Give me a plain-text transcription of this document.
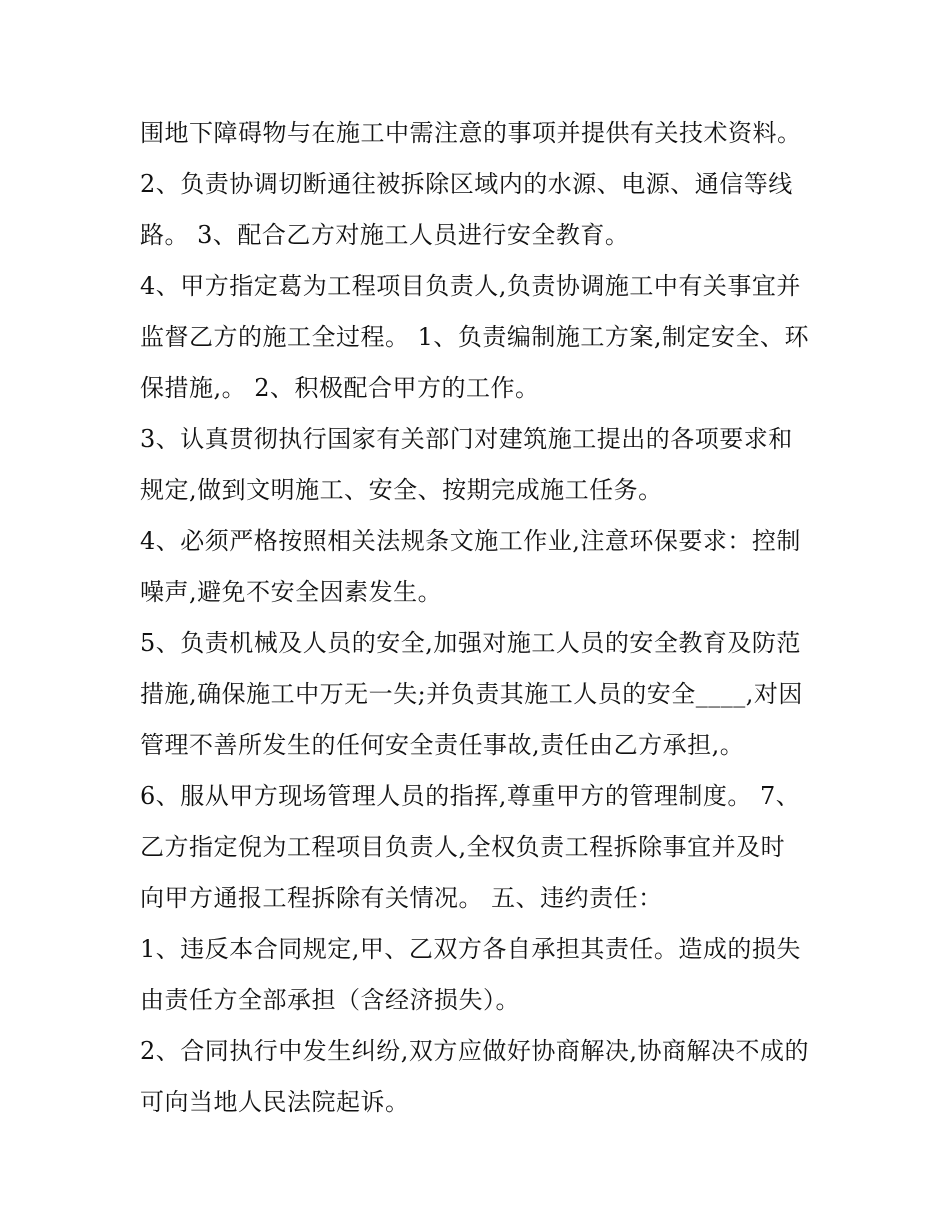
围地下障碍物与在施工中需注意的事项并提供有关技术资料。
2、负责协调切断通往被拆除区域内的水源、电源、通信等线
路。 3、配合乙方对施工人员进行安全教育。
4、甲方指定葛为工程项目负责人,负责协调施工中有关事宜并
监督乙方的施工全过程。 1、负责编制施工方案,制定安全、环
保措施,。 2、积极配合甲方的工作。
3、认真贯彻执行国家有关部门对建筑施工提出的各项要求和
规定,做到文明施工、安全、按期完成施工任务。
4、必须严格按照相关法规条文施工作业,注意环保要求：控制
噪声,避免不安全因素发生。
5、负责机械及人员的安全,加强对施工人员的安全教育及防范
措施,确保施工中万无一失;并负责其施工人员的安全____,对因
管理不善所发生的任何安全责任事故,责任由乙方承担,。
6、服从甲方现场管理人员的指挥,尊重甲方的管理制度。 7、
乙方指定倪为工程项目负责人,全权负责工程拆除事宜并及时
向甲方通报工程拆除有关情况。 五、违约责任：
1、违反本合同规定,甲、乙双方各自承担其责任。造成的损失
由责任方全部承担（含经济损失）。
2、合同执行中发生纠纷,双方应做好协商解决,协商解决不成的
可向当地人民法院起诉。
